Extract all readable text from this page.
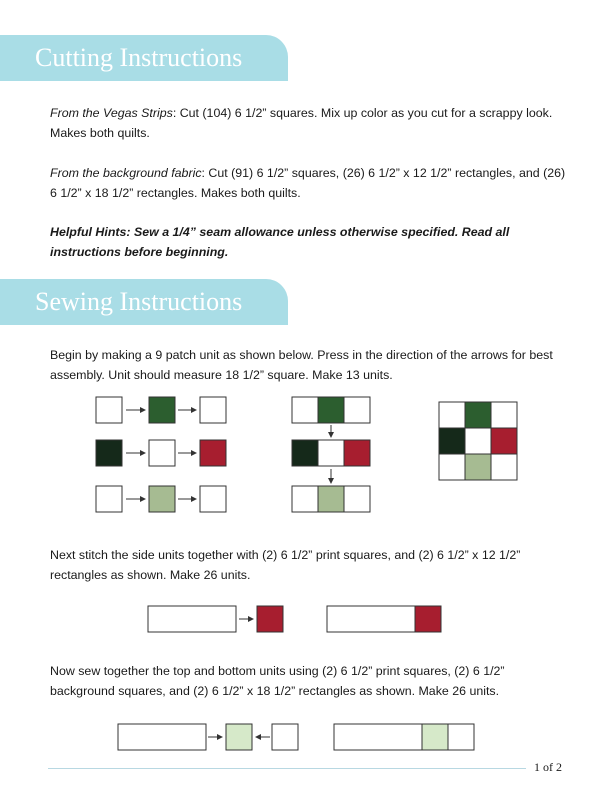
Cutting Instructions

From the Vegas Strips: Cut (104) 6 1/2” squares. Mix up color as you cut for a scrappy look. Makes both quilts.

From the background fabric: Cut (91) 6 1/2” squares, (26) 6 1/2” x 12 1/2” rectangles, and (26) 6 1/2” x 18 1/2” rectangles. Makes both quilts.

Helpful Hints: Sew a 1/4” seam allowance unless otherwise specified. Read all instructions before beginning.

Sewing Instructions

Begin by making a 9 patch unit as shown below. Press in the direction of the arrows for best assembly. Unit should measure 18 1/2” square. Make 13 units.

Next stitch the side units together with (2) 6 1/2” print squares, and (2) 6 1/2” x 12 1/2” rectangles as shown. Make 26 units.

Now sew together the top and bottom units using (2) 6 1/2” print squares, (2) 6 1/2” background squares, and (2) 6 1/2” x 18 1/2” rectangles as shown. Make 26 units.

1 of 2
